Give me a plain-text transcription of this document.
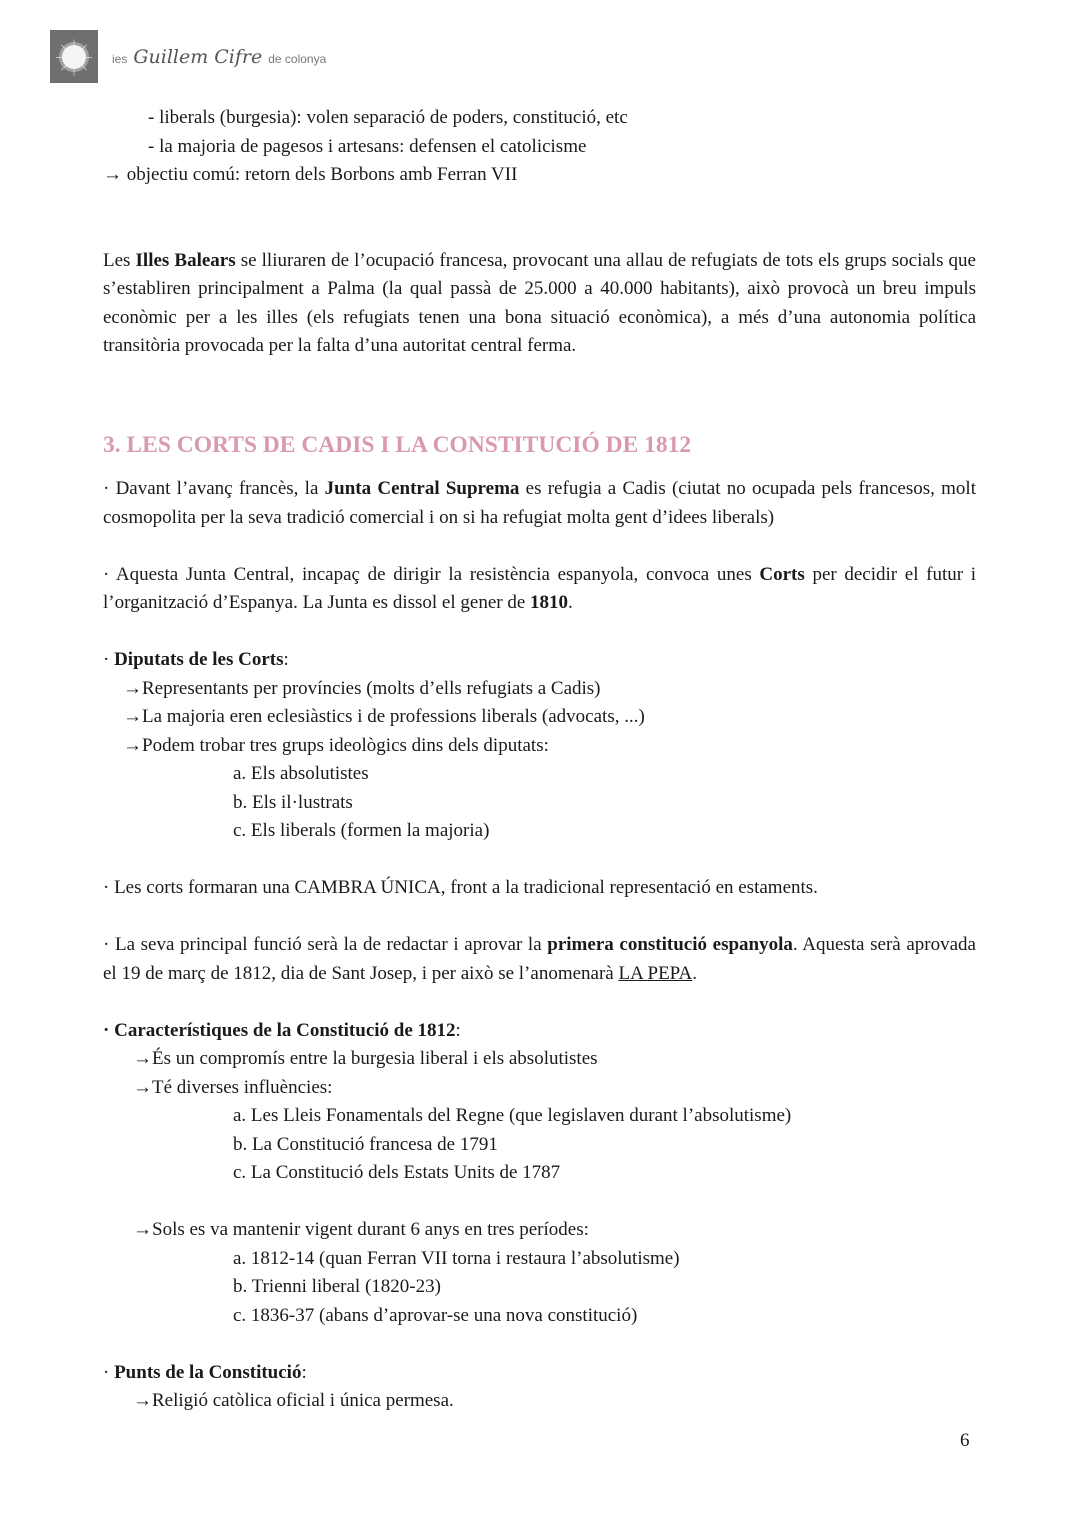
ies Guillem Cifre de colonya
- liberals (burgesia): volen separació de poders, constitució, etc
- la majoria de pagesos i artesans: defensen el catolicisme
→ objectiu comú: retorn dels Borbons amb Ferran VII

Les Illes Balears se lliuraren de l’ocupació francesa, provocant una allau de refugiats de tots els grups socials que s’establiren principalment a Palma (la qual passà de 25.000 a 40.000 habitants), això provocà un breu impuls econòmic per a les illes (els refugiats tenen una bona situació econòmica), a més d’una autonomia política transitòria provocada per la falta d’una autoritat central ferma.

3. LES CORTS DE CADIS I LA CONSTITUCIÓ DE 1812

· Davant l’avanç francès, la Junta Central Suprema es refugia a Cadis (ciutat no ocupada pels francesos, molt cosmopolita per la seva tradició comercial i on si ha refugiat molta gent d’idees liberals)

· Aquesta Junta Central, incapaç de dirigir la resistència espanyola, convoca unes Corts per decidir el futur i l’organització d’Espanya. La Junta es dissol el gener de 1810.

· Diputats de les Corts:
→Representants per províncies (molts d’ells refugiats a Cadis)
→La majoria eren eclesiàstics i de professions liberals (advocats, ...)
→Podem trobar tres grups ideològics dins dels diputats:
a. Els absolutistes
b. Els il·lustrats
c. Els liberals (formen la majoria)
· Les corts formaran una CAMBRA ÚNICA, front a la tradicional representació en estaments.

· La seva principal funció serà la de redactar i aprovar la primera constitució espanyola. Aquesta serà aprovada el 19 de març de 1812, dia de Sant Josep, i per això se l’anomenarà LA PEPA.

· Característiques de la Constitució de 1812:
→És un compromís entre la burgesia liberal i els absolutistes
→Té diverses influències:
a. Les Lleis Fonamentals del Regne (que legislaven durant l’absolutisme)
b. La Constitució francesa de 1791
c. La Constitució dels Estats Units de 1787
→Sols es va mantenir vigent durant 6 anys en tres períodes:
a. 1812-14 (quan Ferran VII torna i restaura l’absolutisme)
b. Trienni liberal (1820-23)
c. 1836-37 (abans d’aprovar-se una nova constitució)
· Punts de la Constitució:
→Religió catòlica oficial i única permesa.
6
